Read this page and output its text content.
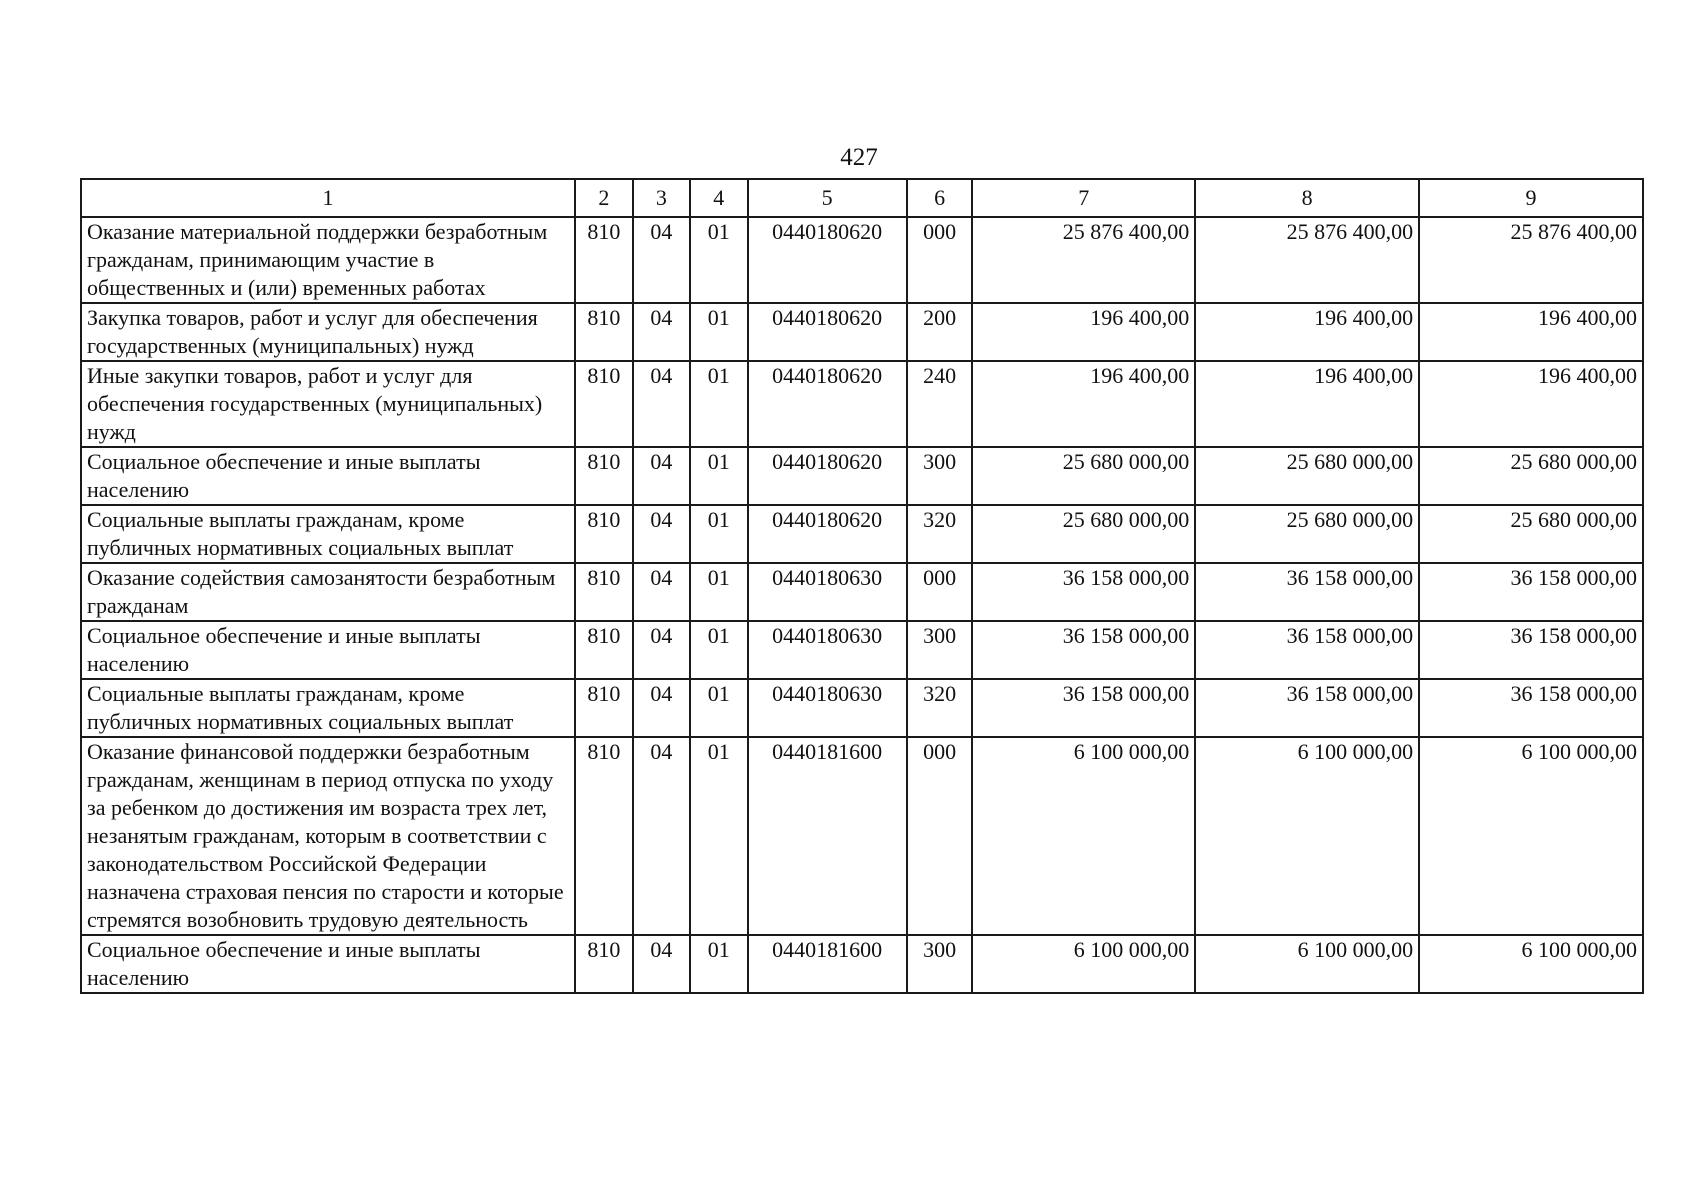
427
1	2	3	4	5	6	7	8	9
Оказание материальной поддержки безработным гражданам, принимающим участие в общественных и (или) временных работах	810	04	01	0440180620	000	25 876 400,00	25 876 400,00	25 876 400,00
Закупка товаров, работ и услуг для обеспечения государственных (муниципальных) нужд	810	04	01	0440180620	200	196 400,00	196 400,00	196 400,00
Иные закупки товаров, работ и услуг для обеспечения государственных (муниципальных) нужд	810	04	01	0440180620	240	196 400,00	196 400,00	196 400,00
Социальное обеспечение и иные выплаты населению	810	04	01	0440180620	300	25 680 000,00	25 680 000,00	25 680 000,00
Социальные выплаты гражданам, кроме публичных нормативных социальных выплат	810	04	01	0440180620	320	25 680 000,00	25 680 000,00	25 680 000,00
Оказание содействия самозанятости безработным гражданам	810	04	01	0440180630	000	36 158 000,00	36 158 000,00	36 158 000,00
Социальное обеспечение и иные выплаты населению	810	04	01	0440180630	300	36 158 000,00	36 158 000,00	36 158 000,00
Социальные выплаты гражданам, кроме публичных нормативных социальных выплат	810	04	01	0440180630	320	36 158 000,00	36 158 000,00	36 158 000,00
Оказание финансовой поддержки безработным гражданам, женщинам в период отпуска по уходу за ребенком до достижения им возраста трех лет, незанятым гражданам, которым в соответствии с законодательством Российской Федерации назначена страховая пенсия по старости и которые стремятся возобновить трудовую деятельность	810	04	01	0440181600	000	6 100 000,00	6 100 000,00	6 100 000,00
Социальное обеспечение и иные выплаты населению	810	04	01	0440181600	300	6 100 000,00	6 100 000,00	6 100 000,00
